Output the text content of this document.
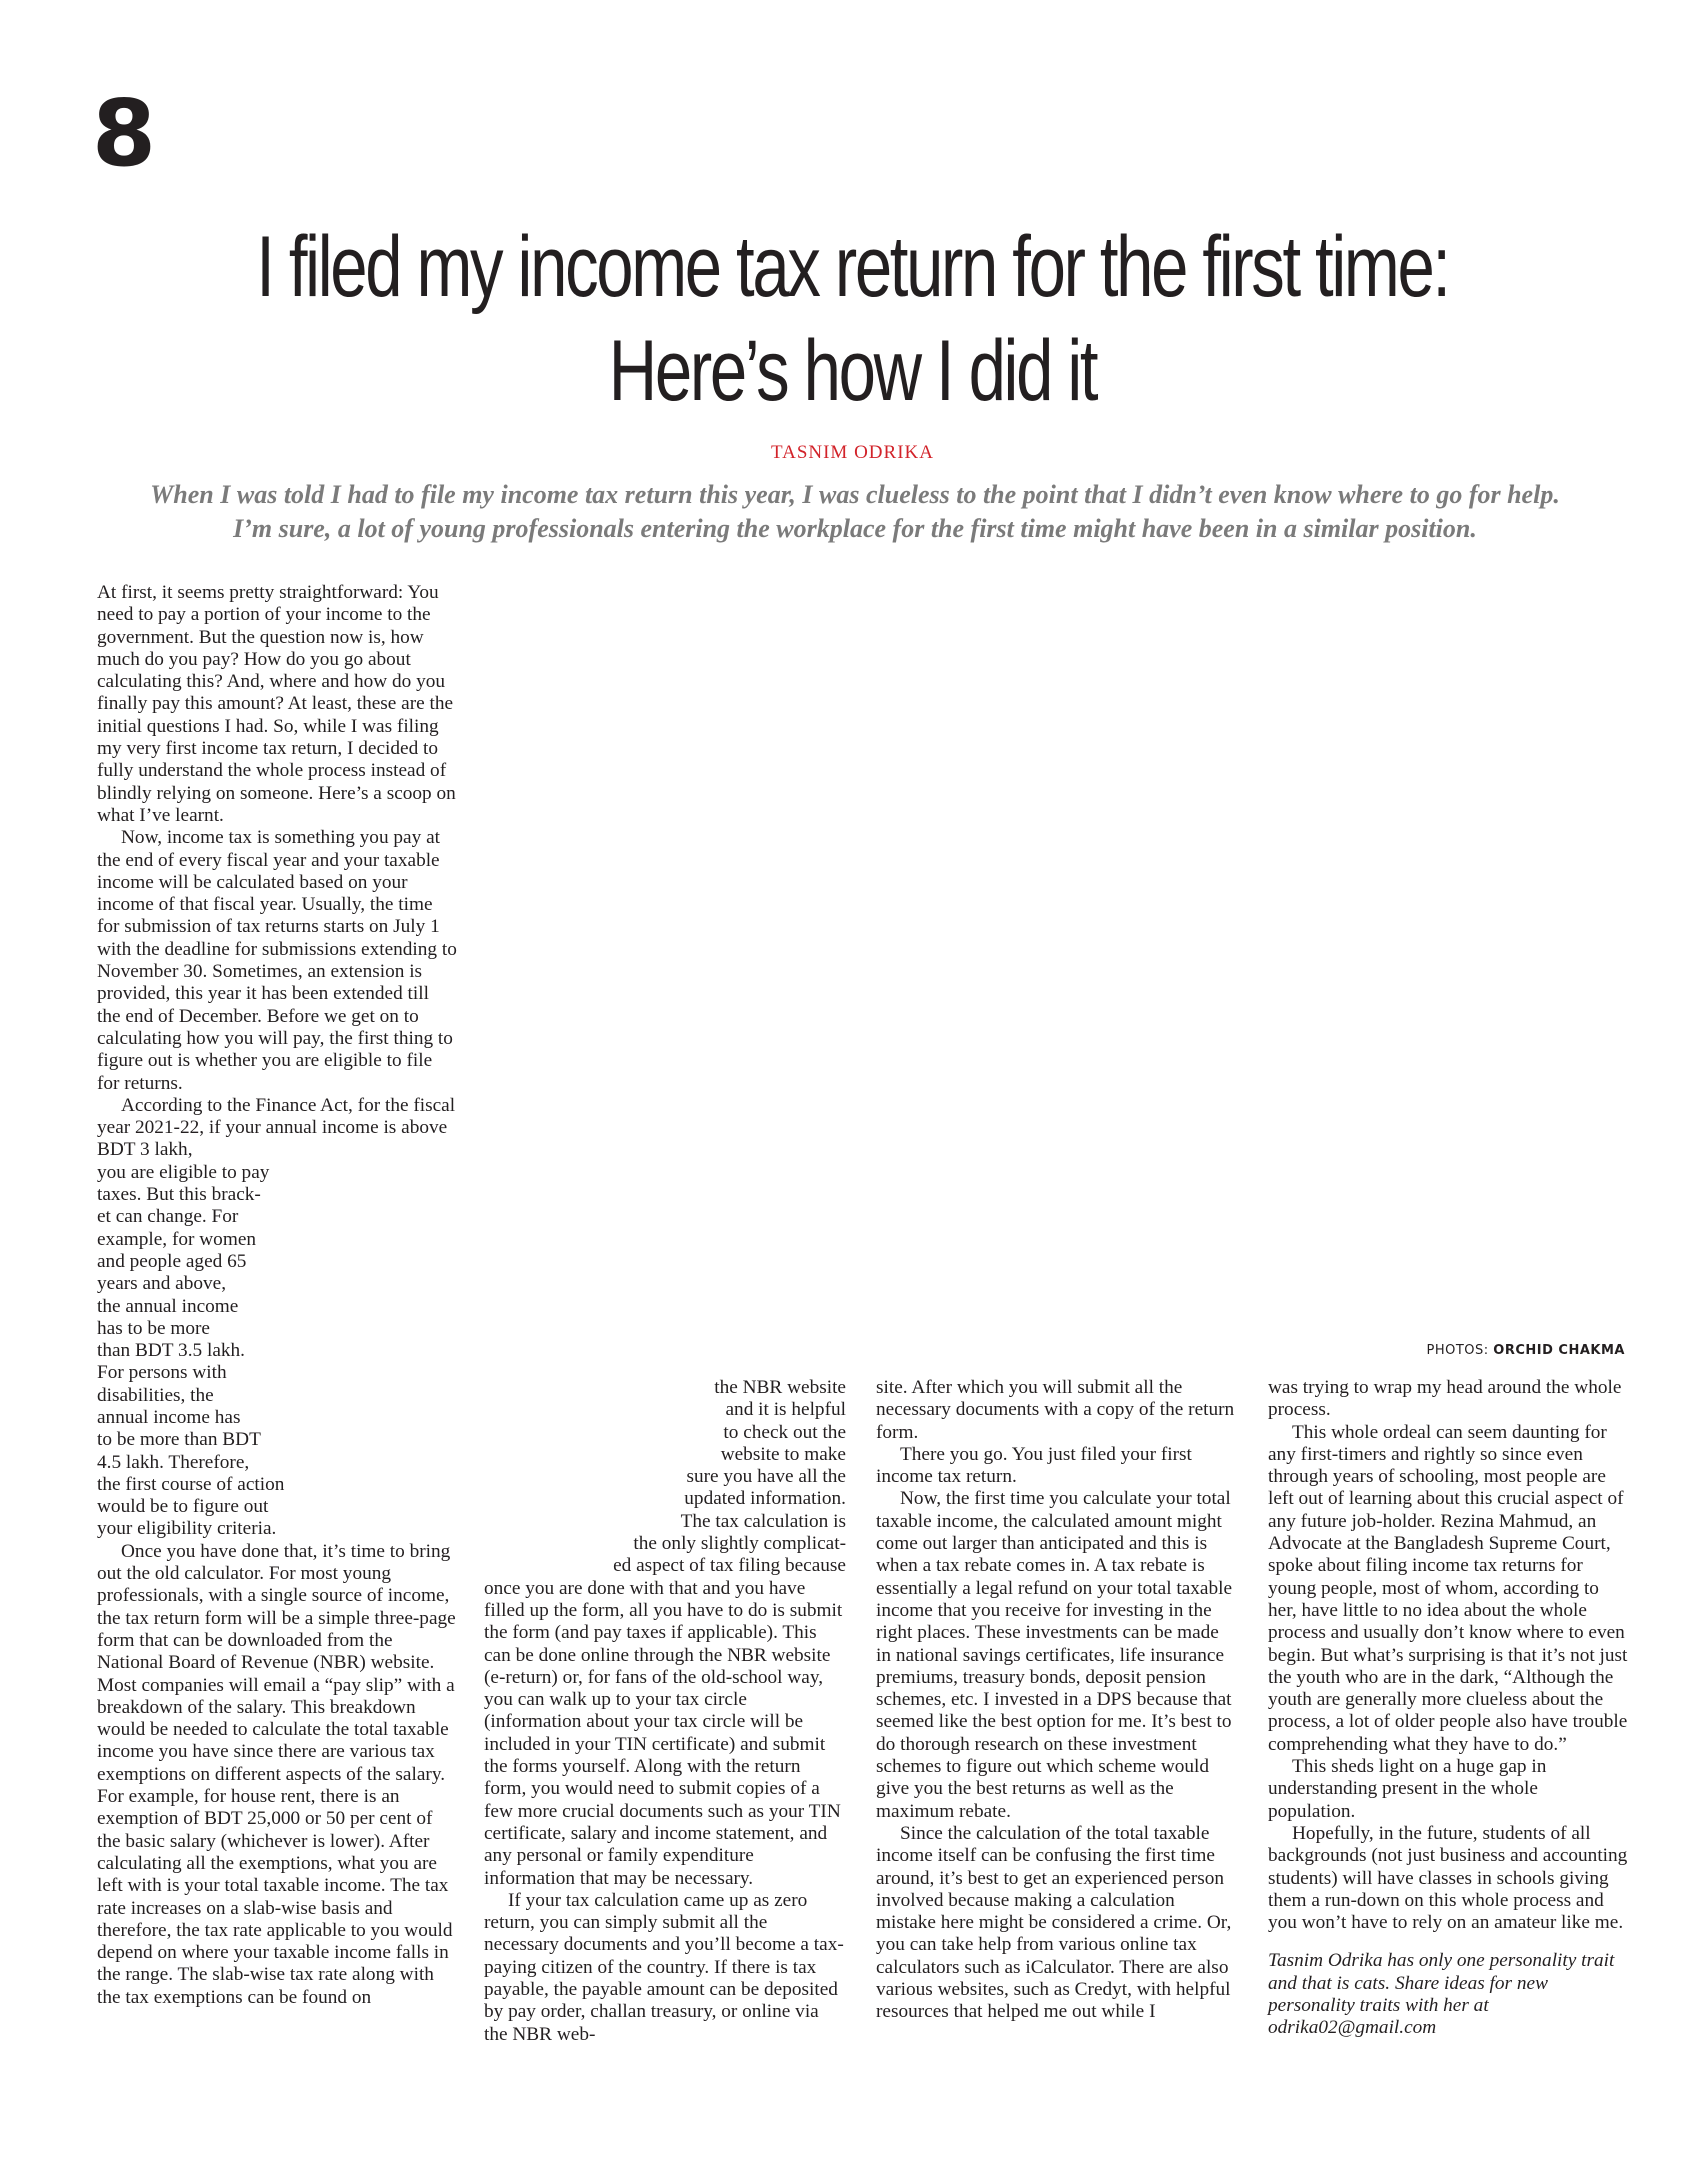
8
I filed my income tax return for the first time:
Here’s how I did it
TASNIM ODRIKA

When I was told I had to file my income tax return this year, I was clueless to the point that I didn’t even know where to go for help.
I’m sure, a lot of young professionals entering the workplace for the first time might have been in a similar position.

PHOTOS: ORCHID CHAKMA

At first, it seems pretty straightforward: You need to pay a portion of your income to the government. But the question now is, how much do you pay? How do you go about calculating this? And, where and how do you finally pay this amount? At least, these are the initial questions I had. So, while I was filing my very first income tax return, I decided to fully understand the whole process instead of blindly relying on someone. Here’s a scoop on what I’ve learnt.

Now, income tax is something you pay at the end of every fiscal year and your taxable income will be calculated based on your income of that fiscal year. Usually, the time for submission of tax returns starts on July 1 with the deadline for submissions extending to November 30. Sometimes, an extension is provided, this year it has been extended till the end of December. Before we get on to calculating how you will pay, the first thing to figure out is whether you are eligible to file for returns.

According to the Finance Act, for the fiscal year 2021-22, if your annual income is above BDT 3 lakh,

you are eligible to pay
taxes. But this brack-
et can change. For
example, for women
and people aged 65
years and above,
the annual income
has to be more
than BDT 3.5 lakh.
For persons with
disabilities, the
annual income has
to be more than BDT
4.5 lakh. Therefore,
the first course of action
would be to figure out
your eligibility criteria.

Once you have done that, it’s time to bring out the old calculator. For most young professionals, with a single source of income, the tax return form will be a simple three-page form that can be downloaded from the National Board of Revenue (NBR) website. Most companies will email a “pay slip” with a breakdown of the salary. This breakdown would be needed to calculate the total taxable income you have since there are various tax exemptions on different aspects of the salary. For example, for house rent, there is an exemption of BDT 25,000 or 50 per cent of the basic salary (whichever is lower). After calculating all the exemptions, what you are left with is your total taxable income. The tax rate increases on a slab-wise basis and therefore, the tax rate applicable to you would depend on where your taxable income falls in the range. The slab-wise tax rate along with the tax exemptions can be found on

the NBR website
and it is helpful
to check out the
website to make
sure you have all the
updated information.
The tax calculation is
the only slightly complicat-
ed aspect of tax filing because

once you are done with that and you have filled up the form, all you have to do is submit the form (and pay taxes if applicable). This can be done online through the NBR website (e-return) or, for fans of the old-school way, you can walk up to your tax circle (information about your tax circle will be included in your TIN certificate) and submit the forms yourself. Along with the return form, you would need to submit copies of a few more crucial documents such as your TIN certificate, salary and income statement, and any personal or family expenditure information that may be necessary.

If your tax calculation came up as zero return, you can simply submit all the necessary documents and you’ll become a tax-paying citizen of the country. If there is tax payable, the payable amount can be deposited by pay order, challan treasury, or online via the NBR web-

site. After which you will submit all the necessary documents with a copy of the return form.

There you go. You just filed your first income tax return.

Now, the first time you calculate your total taxable income, the calculated amount might come out larger than anticipated and this is when a tax rebate comes in. A tax rebate is essentially a legal refund on your total taxable income that you receive for investing in the right places. These investments can be made in national savings certificates, life insurance premiums, treasury bonds, deposit pension schemes, etc. I invested in a DPS because that seemed like the best option for me. It’s best to do thorough research on these investment schemes to figure out which scheme would give you the best returns as well as the maximum rebate.

Since the calculation of the total taxable income itself can be confusing the first time around, it’s best to get an experienced person involved because making a calculation mistake here might be considered a crime. Or, you can take help from various online tax calculators such as iCalculator. There are also various websites, such as Credyt, with helpful resources that helped me out while I

was trying to wrap my head around the whole process.

This whole ordeal can seem daunting for any first-timers and rightly so since even through years of schooling, most people are left out of learning about this crucial aspect of any future job-holder. Rezina Mahmud, an Advocate at the Bangladesh Supreme Court, spoke about filing income tax returns for young people, most of whom, according to her, have little to no idea about the whole process and usually don’t know where to even begin. But what’s surprising is that it’s not just the youth who are in the dark, “Although the youth are generally more clueless about the process, a lot of older people also have trouble comprehending what they have to do.”

This sheds light on a huge gap in understanding present in the whole population.

Hopefully, in the future, students of all backgrounds (not just business and accounting students) will have classes in schools giving them a run-down on this whole process and you won’t have to rely on an amateur like me.

Tasnim Odrika has only one personality trait and that is cats. Share ideas for new personality traits with her at odrika02@gmail.com
